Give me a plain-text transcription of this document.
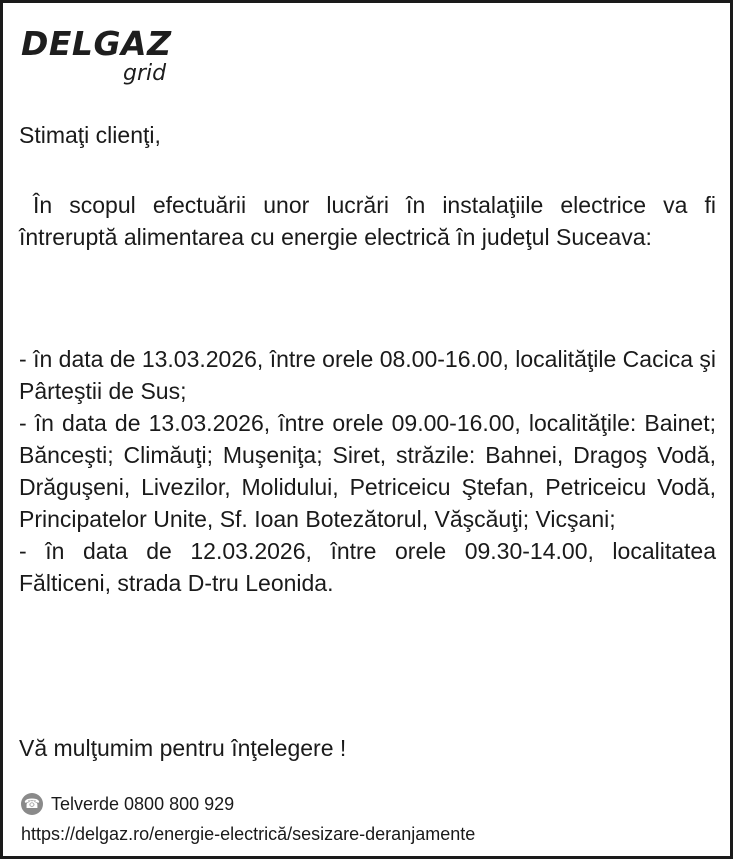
DELGAZ
grid
Stimaţi clienţi,
În scopul efectuării unor lucrări în instalaţiile electrice va fi întreruptă alimentarea cu energie electrică în judeţul Suceava:
- în data de 13.03.2026, între orele 08.00-16.00, localităţile Cacica şi Pârteştii de Sus;
- în data de 13.03.2026, între orele 09.00-16.00, localităţile: Bainet; Bănceşti; Climăuţi; Muşeniţa; Siret, străzile: Bahnei, Dragoş Vodă, Drăguşeni, Livezilor, Molidului, Petriceicu Ştefan, Petriceicu Vodă, Principatelor Unite, Sf. Ioan Botezătorul, Văşcăuţi; Vicşani;
- în data de 12.03.2026, între orele 09.30-14.00, localitatea Fălticeni, strada D-tru Leonida.
Vă mulţumim pentru înţelegere !
☎ Telverde 0800 800 929
https://delgaz.ro/energie-electrică/sesizare-deranjamente
